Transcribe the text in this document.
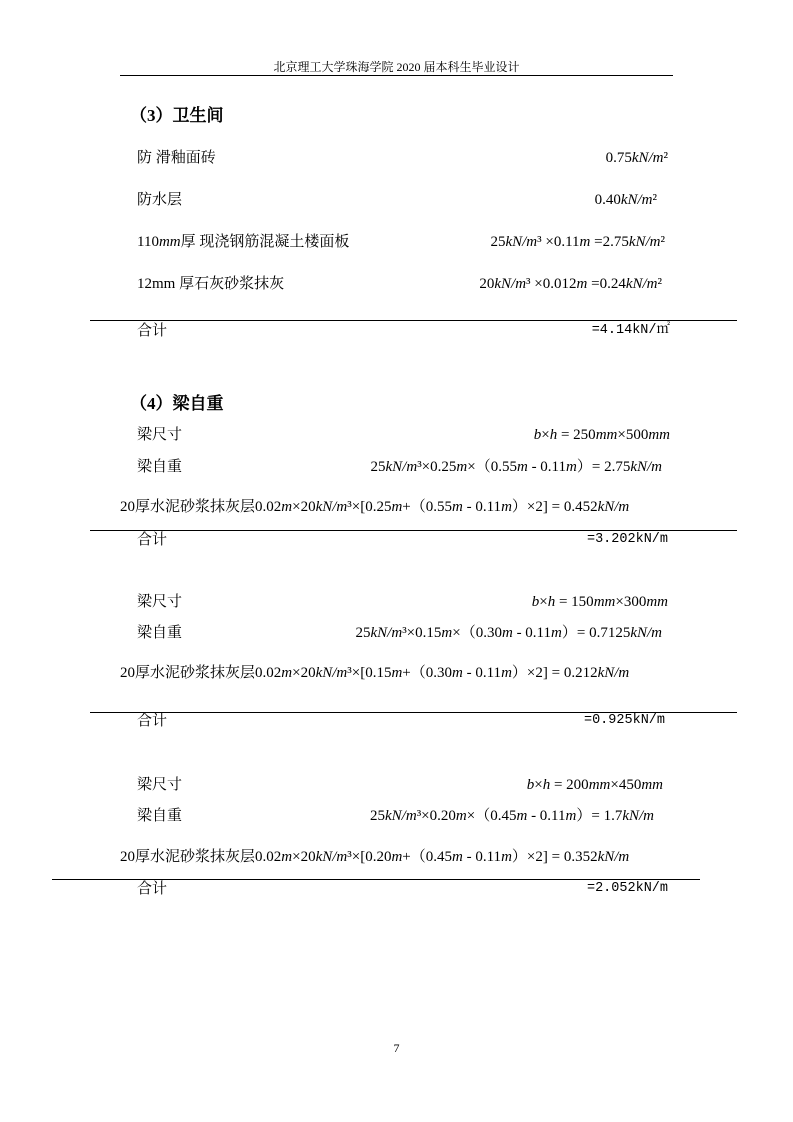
北京理工大学珠海学院 2020 届本科生毕业设计
（3）卫生间
防 滑釉面砖	0.75kN/m²
防水层	0.40kN/m²
110mm厚 现浇钢筋混凝土楼面板	25kN/m³ ×0.11m =2.75kN/m²
12mm 厚石灰砂浆抹灰	20kN/m³ ×0.012m =0.24kN/m²
合计	=4.14kN/㎡
（4）梁自重
梁尺寸	b×h = 250mm×500mm
梁自重	25kN/m³×0.25m×（0.55m - 0.11m）= 2.75kN/m
20厚水泥砂浆抹灰层0.02m×20kN/m³×[0.25m+（0.55m - 0.11m）×2] = 0.452kN/m
合计	=3.202kN/m
梁尺寸	b×h = 150mm×300mm
梁自重	25kN/m³×0.15m×（0.30m - 0.11m）= 0.7125kN/m
20厚水泥砂浆抹灰层0.02m×20kN/m³×[0.15m+（0.30m - 0.11m）×2] = 0.212kN/m
合计	=0.925kN/m
梁尺寸	b×h = 200mm×450mm
梁自重	25kN/m³×0.20m×（0.45m - 0.11m）= 1.7kN/m
20厚水泥砂浆抹灰层0.02m×20kN/m³×[0.20m+（0.45m - 0.11m）×2] = 0.352kN/m
合计	=2.052kN/m
7
